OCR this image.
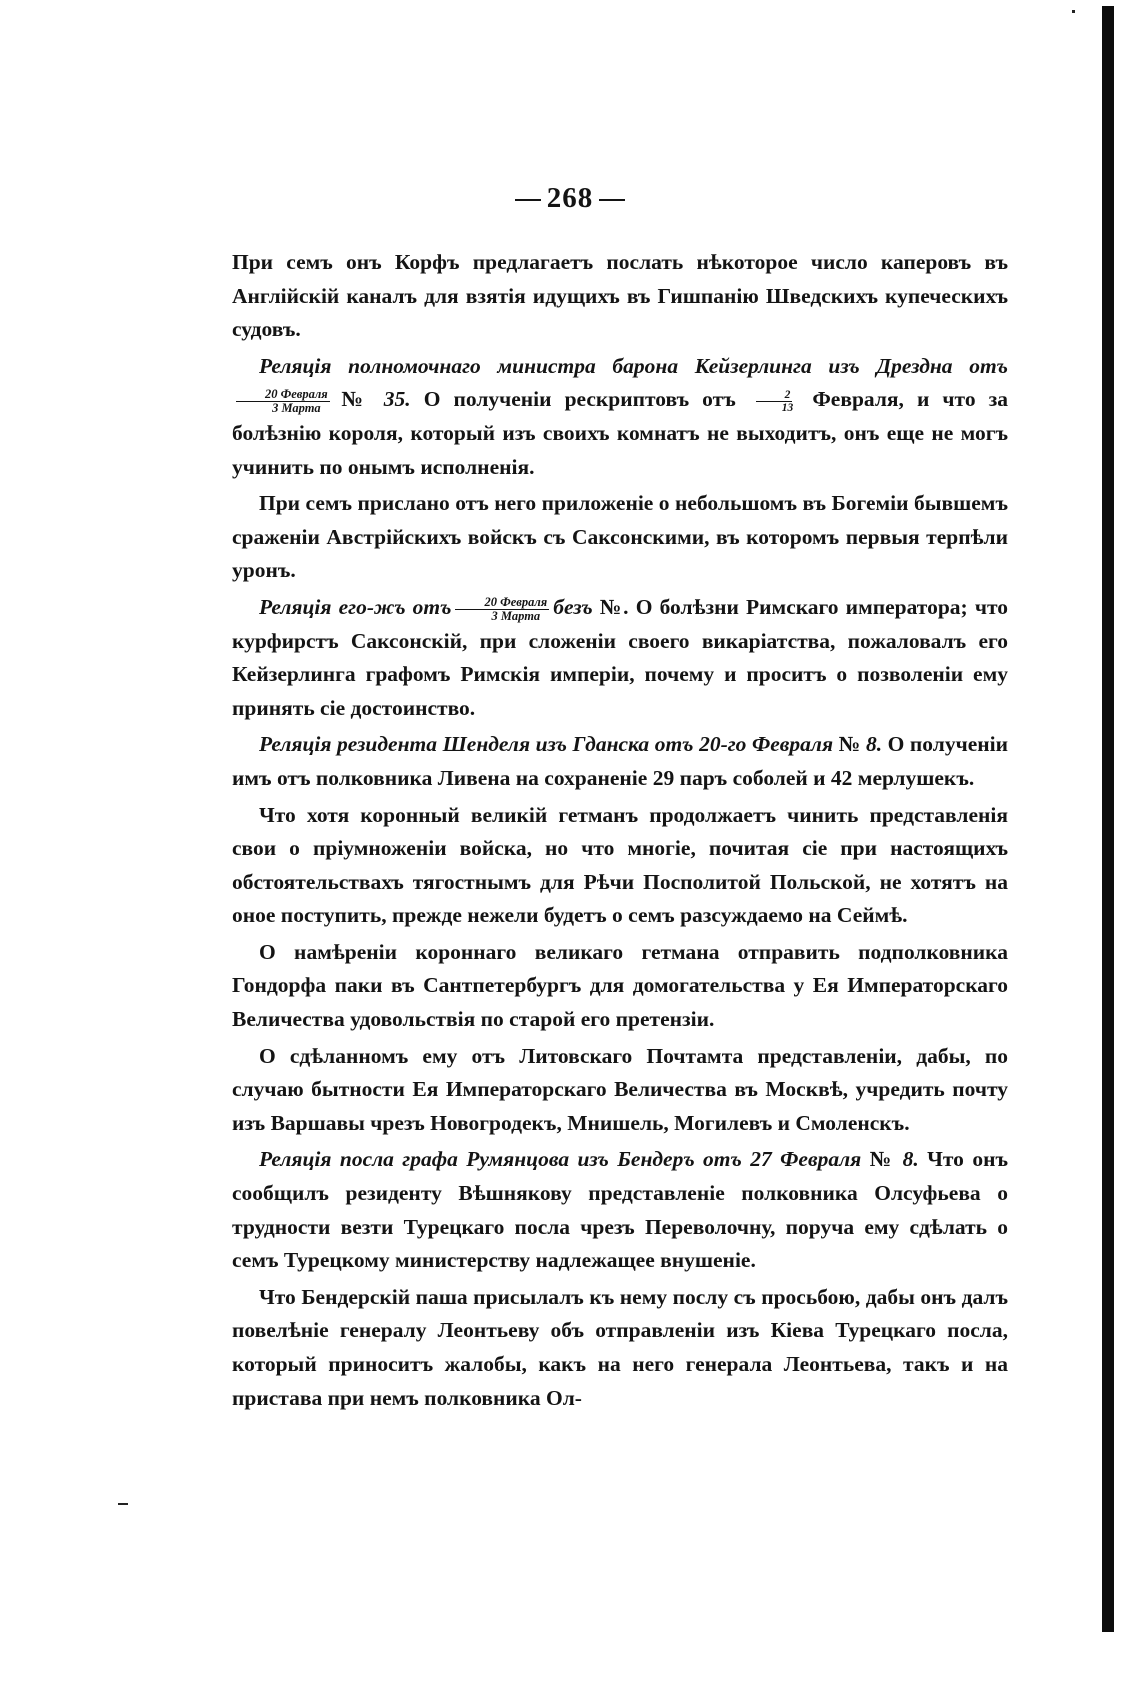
268

При семъ онъ Корфъ предлагаетъ послать нѣкоторое число каперовъ въ Англійскій каналъ для взятія идущихъ въ Гишпанію Шведскихъ купеческихъ судовъ.

Реляція полномочнаго министра барона Кейзерлинга изъ Дрезднa отъ
$\frac{\text{20 Февраля}}{\text{3 Марта}}$ № 35. О полученіи рескриптовъ отъ $\frac{2}{13}$ Февраля, и что за болѣзнію короля, который изъ своихъ комнатъ не выходитъ, онъ еще не могъ учинить по онымъ исполненія.

При семъ прислано отъ него приложеніе о небольшомъ въ Богеміи бывшемъ сраженіи Австрійскихъ войскъ съ Саксонскими, въ которомъ первыя терпѣли уронъ.

Реляція его-жъ отъ $\frac{\text{20 Февраля}}{\text{3 Марта}}$ безъ №. О болѣзни Римскаго императора; что курфирстъ Саксонскій, при сложеніи своего викаріатства, пожаловалъ его Кейзерлинга графомъ Римскія имперіи, почему и проситъ о позволеніи ему принять сіе достоинство.

Реляція резидента Шенделя изъ Гданска отъ 20-го Февраля № 8. О полученіи имъ отъ полковника Ливена на сохраненіе 29 паръ соболей и 42 мерлушекъ.

Что хотя коронный великій гетманъ продолжаетъ чинить представленія свои о пріумноженіи войска, но что многіе, почитая сіе при настоящихъ обстоятельствахъ тягостнымъ для Рѣчи Посполитой Польской, не хотятъ на оное поступить, прежде нежели будетъ о семъ разсуждаемо на Сеймѣ.

О намѣреніи короннаго великаго гетмана отправить подполковника Гондорфа паки въ Сантпетербургъ для домогательства у Ея Императорскаго Величества удовольствія по старой его претензіи.

О сдѣланномъ ему отъ Литовскаго Почтамта представленіи, дабы, по случаю бытности Ея Императорскаго Величества въ Москвѣ, учредить почту изъ Варшавы чрезъ Новогродекъ, Мнишель, Могилевъ и Смоленскъ.

Реляція посла графа Румянцова изъ Бендеръ отъ 27 Февраля № 8. Что онъ сообщилъ резиденту Вѣшнякову представленіе полковника Олсуфьева о трудности везти Турецкаго посла чрезъ Переволочну, поруча ему сдѣлать о семъ Турецкому министерству надлежащее внушеніе.

Что Бендерскій паша присылалъ къ нему послу съ просьбою, дабы онъ далъ повелѣніе генералу Леонтьеву объ отправленіи изъ Кіева Турецкаго посла, который приноситъ жалобы, какъ на него генерала Леонтьева, такъ и на пристава при немъ полковника Ол-
